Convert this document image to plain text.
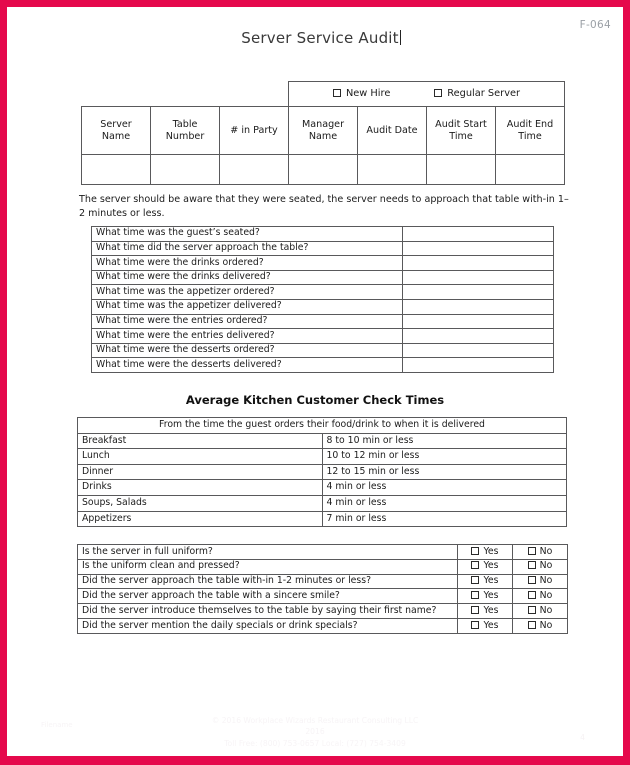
F-064
Server Service Audit

			New Hire Regular Server			

Server Name	Table Number	# in Party	Manager Name	Audit Date	Audit Start Time	Audit End Time

The server should be aware that they were seated, the server needs to approach that table with-in 1–2 minutes or less.
What time was the guest’s seated?	
What time did the server approach the table?	
What time were the drinks ordered?	
What time were the drinks delivered?	
What time was the appetizer ordered?	
What time was the appetizer delivered?	
What time were the entries ordered?	
What time were the entries delivered?	
What time were the desserts ordered?	
What time were the desserts delivered?	
Average Kitchen Customer Check Times
From the time the guest orders their food/drink to when it is delivered	
Breakfast	8 to 10 min or less
Lunch	10 to 12 min or less
Dinner	12 to 15 min or less
Drinks	4 min or less
Soups, Salads	4 min or less
Appetizers	7 min or less
Is the server in full uniform?	Yes	No
Is the uniform clean and pressed?	Yes	No
Did the server approach the table with-in 1-2 minutes or less?	Yes	No
Did the server approach the table with a sincere smile?	Yes	No
Did the server introduce themselves to the table by saying their first name?	Yes	No
Did the server mention the daily specials or drink specials?	Yes	No
Filename
© 2016 Workplace Wizards Restaurant Consulting LLC
2016
Toll Free: (800) 753-0657 Local: (727) 754-3409
4
